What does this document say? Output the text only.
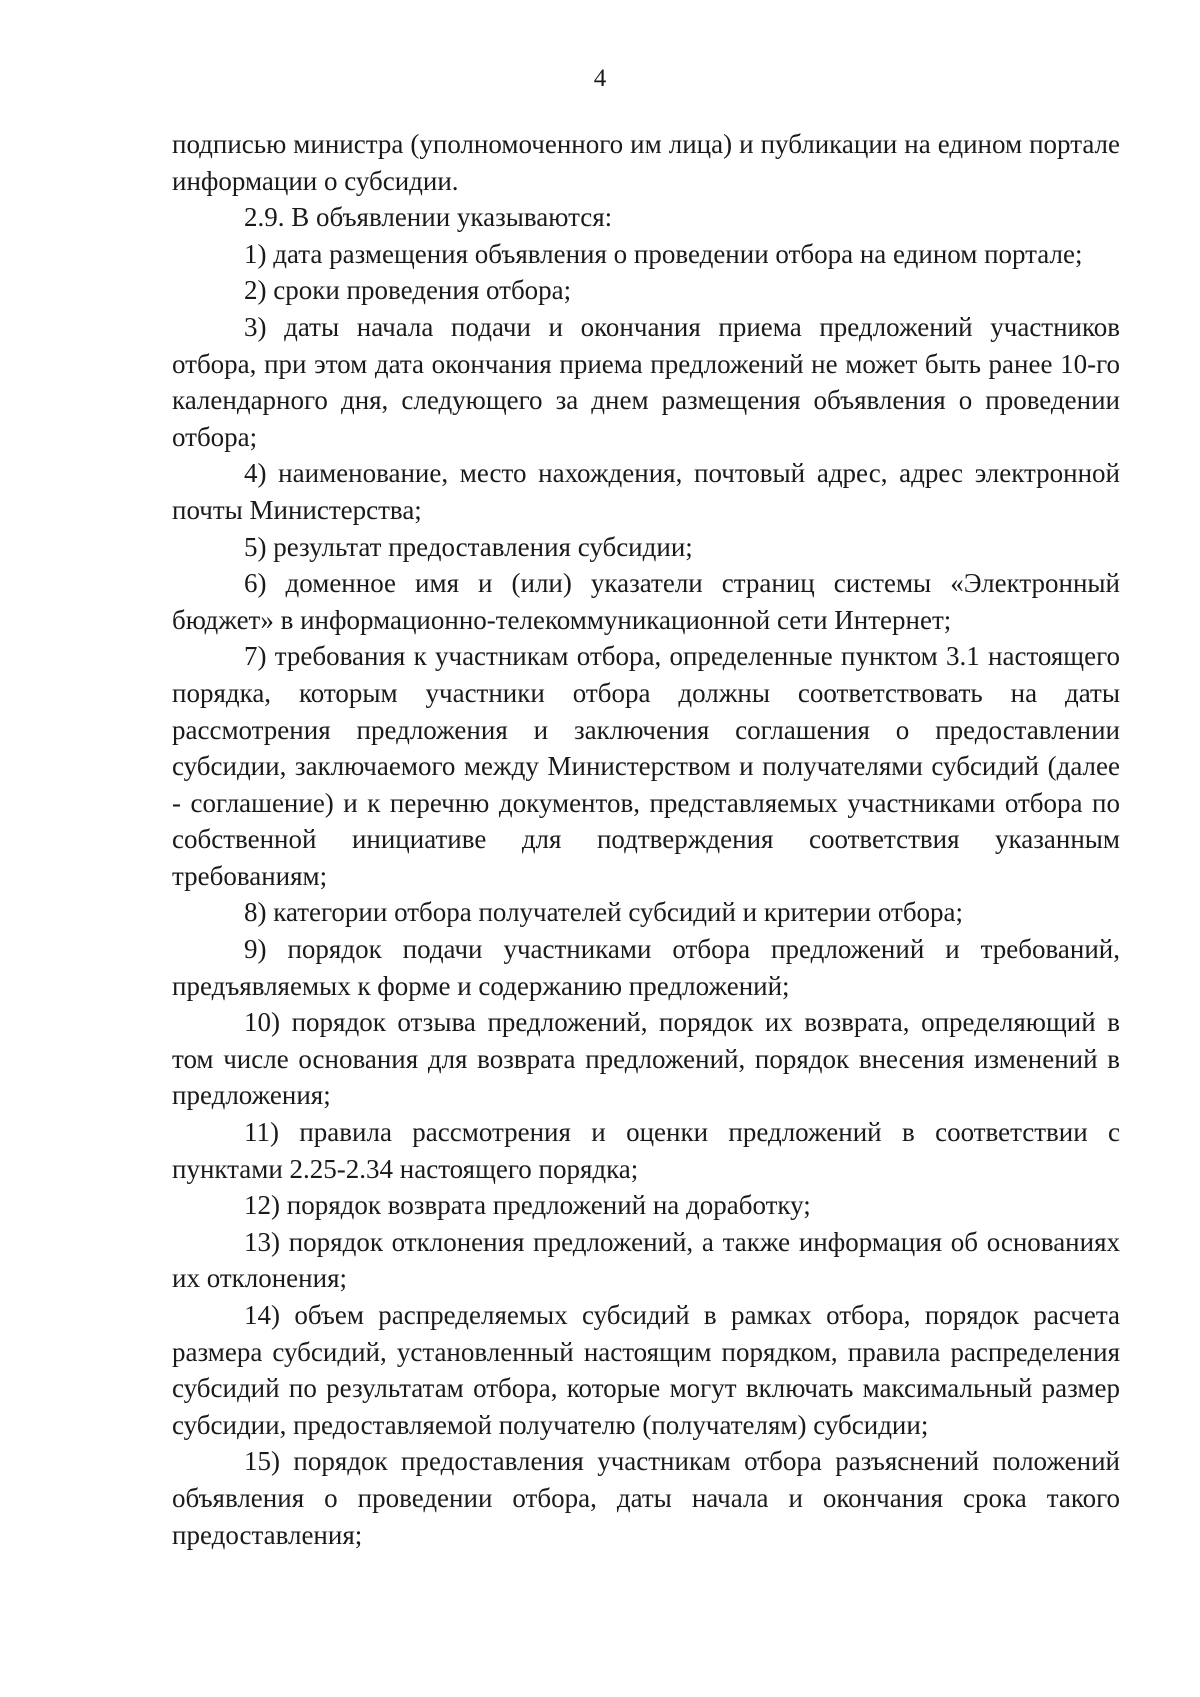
4

подписью министра (уполномоченного им лица) и публикации на едином портале информации о субсидии.

2.9. В объявлении указываются:

1) дата размещения объявления о проведении отбора на едином портале;

2) сроки проведения отбора;

3) даты начала подачи и окончания приема предложений участников отбора, при этом дата окончания приема предложений не может быть ранее 10-го календарного дня, следующего за днем размещения объявления о проведении отбора;

4) наименование, место нахождения, почтовый адрес, адрес электронной почты Министерства;

5) результат предоставления субсидии;

6) доменное имя и (или) указатели страниц системы «Электронный бюджет» в информационно-телекоммуникационной сети Интернет;

7) требования к участникам отбора, определенные пунктом 3.1 настоящего порядка, которым участники отбора должны соответствовать на даты рассмотрения предложения и заключения соглашения о предоставлении субсидии, заключаемого между Министерством и получателями субсидий (далее - соглашение) и к перечню документов, представляемых участниками отбора по собственной инициативе для подтверждения соответствия указанным требованиям;

8) категории отбора получателей субсидий и критерии отбора;

9) порядок подачи участниками отбора предложений и требований, предъявляемых к форме и содержанию предложений;

10) порядок отзыва предложений, порядок их возврата, определяющий в том числе основания для возврата предложений, порядок внесения изменений в предложения;

11) правила рассмотрения и оценки предложений в соответствии с пунктами 2.25-2.34 настоящего порядка;

12) порядок возврата предложений на доработку;

13) порядок отклонения предложений, а также информация об основаниях их отклонения;

14) объем распределяемых субсидий в рамках отбора, порядок расчета размера субсидий, установленный настоящим порядком, правила распределения субсидий по результатам отбора, которые могут включать максимальный размер субсидии, предоставляемой получателю (получателям) субсидии;

15) порядок предоставления участникам отбора разъяснений положений объявления о проведении отбора, даты начала и окончания срока такого предоставления;
